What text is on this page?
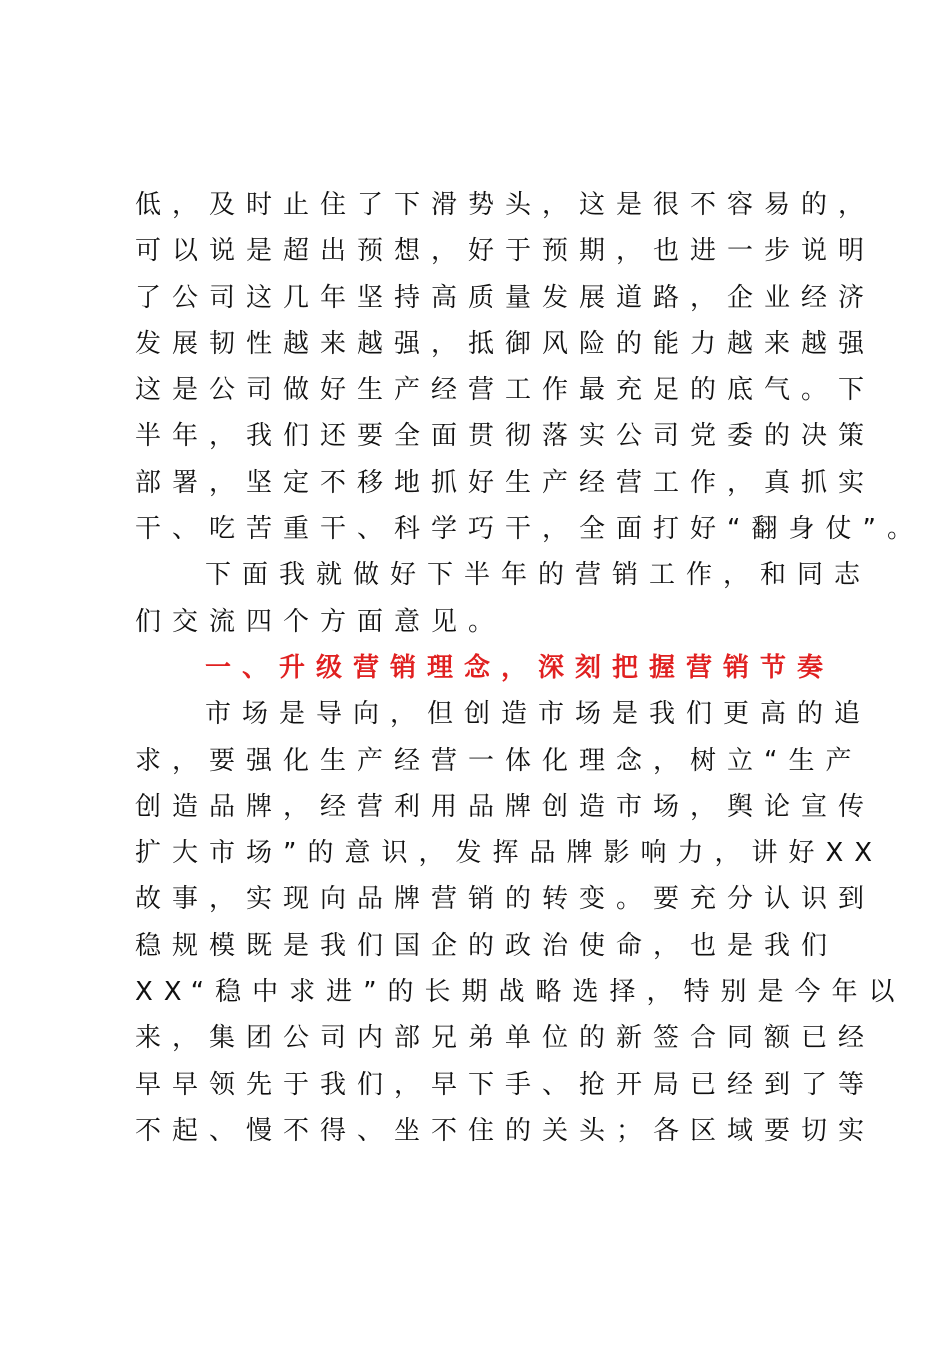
低，及时止住了下滑势头，这是很不容易的，
可以说是超出预想，好于预期，也进一步说明
了公司这几年坚持高质量发展道路，企业经济
发展韧性越来越强，抵御风险的能力越来越强
这是公司做好生产经营工作最充足的底气。下
半年，我们还要全面贯彻落实公司党委的决策
部署，坚定不移地抓好生产经营工作，真抓实
干、吃苦重干、科学巧干，全面打好“翻身仗”。
下面我就做好下半年的营销工作，和同志
们交流四个方面意见。
一、升级营销理念，深刻把握营销节奏
市场是导向，但创造市场是我们更高的追
求，要强化生产经营一体化理念，树立“生产
创造品牌，经营利用品牌创造市场，舆论宣传
扩大市场”的意识，发挥品牌影响力，讲好XX
故事，实现向品牌营销的转变。要充分认识到
稳规模既是我们国企的政治使命，也是我们
XX“稳中求进”的长期战略选择，特别是今年以
来，集团公司内部兄弟单位的新签合同额已经
早早领先于我们，早下手、抢开局已经到了等
不起、慢不得、坐不住的关头；各区域要切实
